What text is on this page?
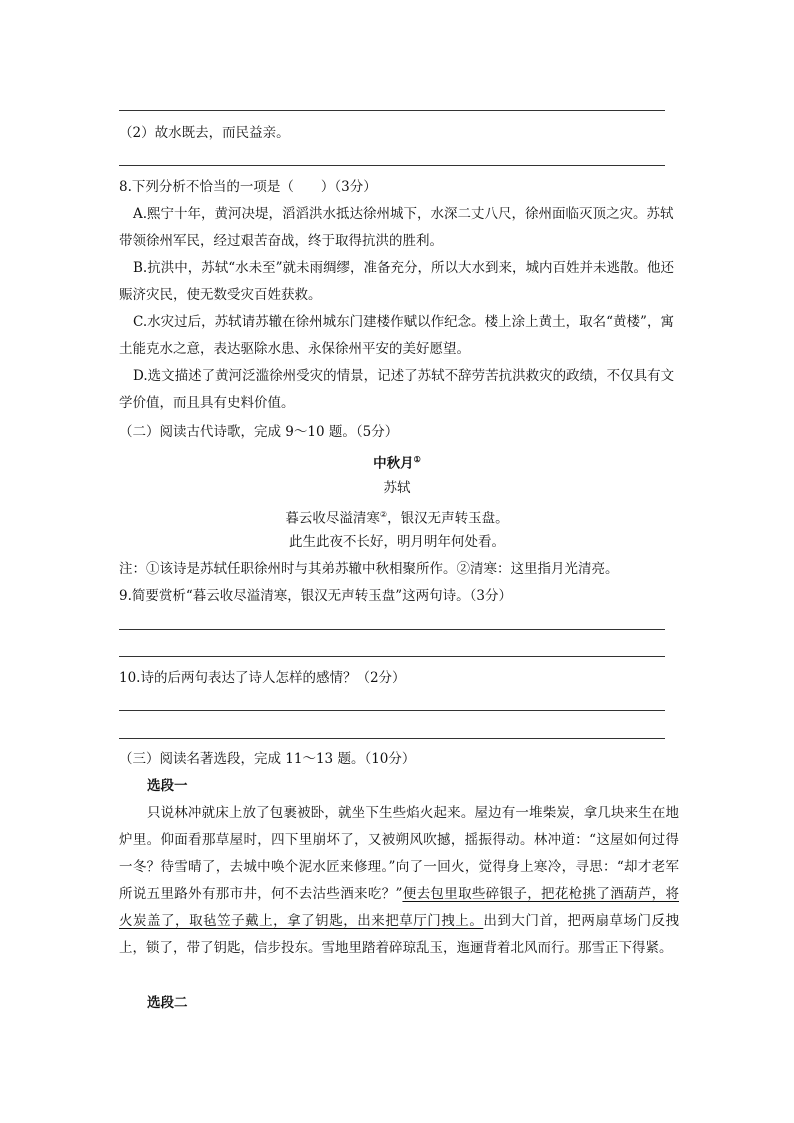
（2）故水既去，而民益亲。
8.下列分析不恰当的一项是（　　）（3分）
A.熙宁十年，黄河决堤，滔滔洪水抵达徐州城下，水深二丈八尺，徐州面临灭顶之灾。苏轼带领徐州军民，经过艰苦奋战，终于取得抗洪的胜利。
B.抗洪中，苏轼“水未至”就未雨绸缪，准备充分，所以大水到来，城内百姓并未逃散。他还赈济灾民，使无数受灾百姓获救。
C.水灾过后，苏轼请苏辙在徐州城东门建楼作赋以作纪念。楼上涂上黄土，取名“黄楼”，寓土能克水之意，表达驱除水患、永保徐州平安的美好愿望。
D.选文描述了黄河泛滥徐州受灾的情景，记述了苏轼不辞劳苦抗洪救灾的政绩，不仅具有文学价值，而且具有史料价值。
（二）阅读古代诗歌，完成 9～10 题。（5分）
中秋月①
苏轼
暮云收尽溢清寒②，银汉无声转玉盘。
此生此夜不长好，明月明年何处看。
注：①该诗是苏轼任职徐州时与其弟苏辙中秋相聚所作。②清寒：这里指月光清亮。
9.简要赏析“暮云收尽溢清寒，银汉无声转玉盘”这两句诗。（3分）
10.诗的后两句表达了诗人怎样的感情？（2分）
（三）阅读名著选段，完成 11～13 题。（10分）
选段一
只说林冲就床上放了包裹被卧，就坐下生些焰火起来。屋边有一堆柴炭，拿几块来生在地炉里。仰面看那草屋时，四下里崩坏了，又被朔风吹撼，摇振得动。林冲道：“这屋如何过得一冬？待雪晴了，去城中唤个泥水匠来修理。”向了一回火，觉得身上寒冷，寻思：“却才老军所说五里路外有那市井，何不去沽些酒来吃？”便去包里取些碎银子，把花枪挑了酒葫芦，将火炭盖了，取毡笠子戴上，拿了钥匙，出来把草厅门拽上。出到大门首，把两扇草场门反拽上，锁了，带了钥匙，信步投东。雪地里踏着碎琼乱玉，迤逦背着北风而行。那雪正下得紧。
选段二
